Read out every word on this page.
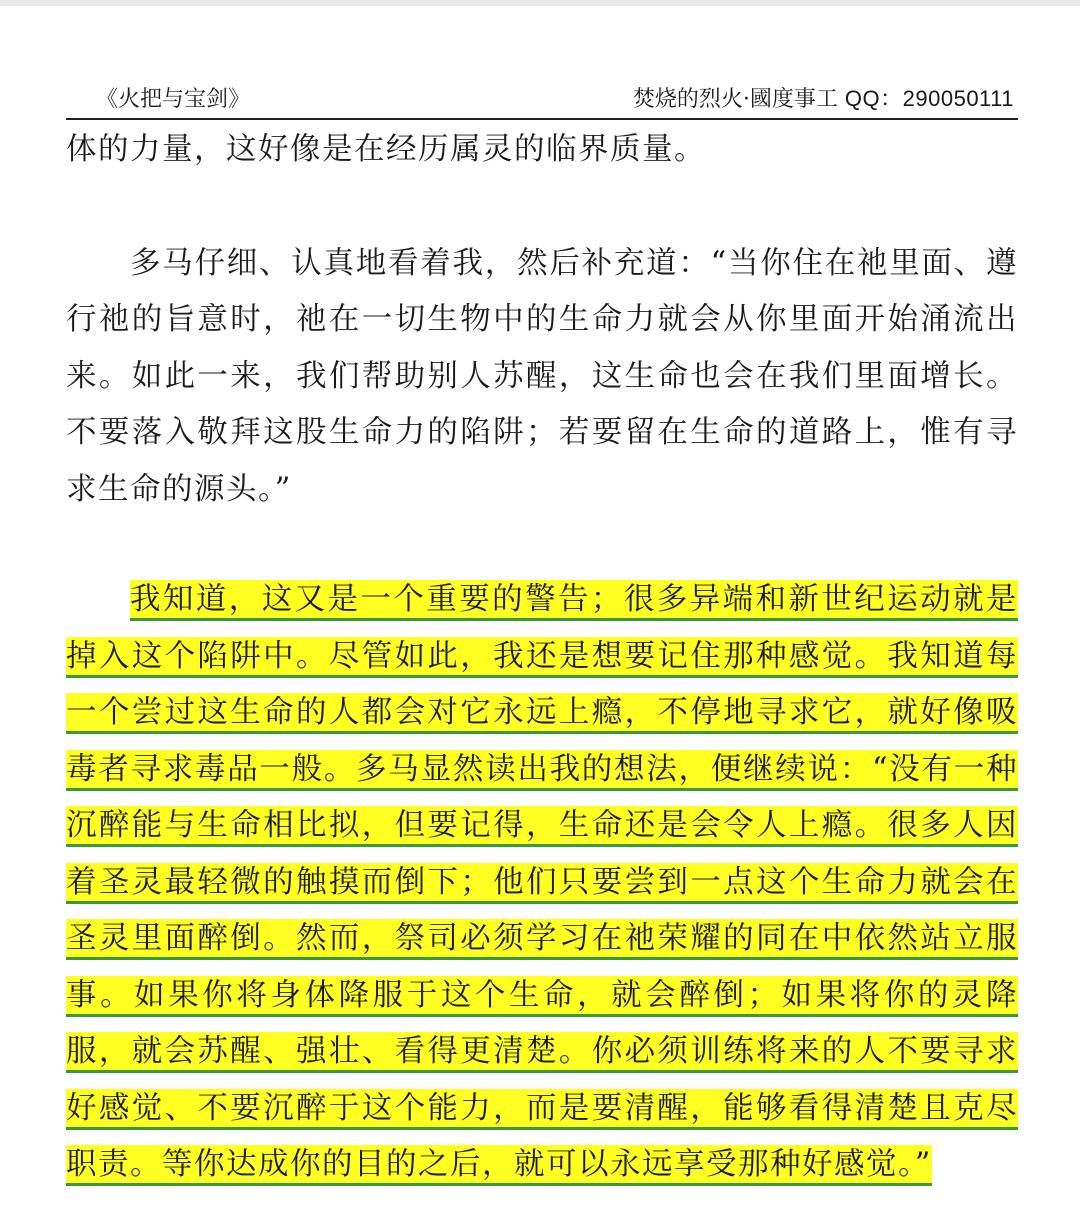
《火把与宝剑》	焚烧的烈火·國度事工 QQ：290050111

体的力量，这好像是在经历属灵的临界质量。

多马仔细、认真地看着我，然后补充道：“当你住在祂里面、遵行祂的旨意时，祂在一切生物中的生命力就会从你里面开始涌流出来。如此一来，我们帮助别人苏醒，这生命也会在我们里面增长。不要落入敬拜这股生命力的陷阱；若要留在生命的道路上，惟有寻求生命的源头。”

我知道，这又是一个重要的警告；很多异端和新世纪运动就是掉入这个陷阱中。尽管如此，我还是想要记住那种感觉。我知道每一个尝过这生命的人都会对它永远上瘾，不停地寻求它，就好像吸毒者寻求毒品一般。多马显然读出我的想法，便继续说：“没有一种沉醉能与生命相比拟，但要记得，生命还是会令人上瘾。很多人因着圣灵最轻微的触摸而倒下；他们只要尝到一点这个生命力就会在圣灵里面醉倒。然而，祭司必须学习在祂荣耀的同在中依然站立服事。如果你将身体降服于这个生命，就会醉倒；如果将你的灵降服，就会苏醒、强壮、看得更清楚。你必须训练将来的人不要寻求好感觉、不要沉醉于这个能力，而是要清醒，能够看得清楚且克尽职责。等你达成你的目的之后，就可以永远享受那种好感觉。”
